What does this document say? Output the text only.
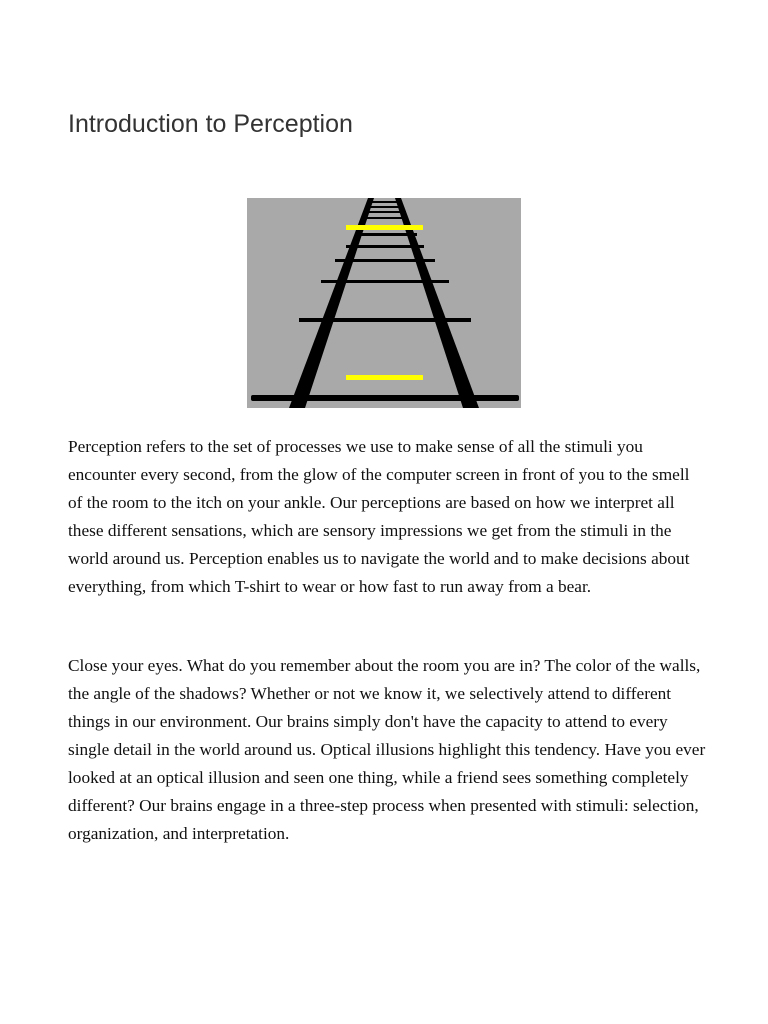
Introduction to Perception

Perception refers to the set of processes we use to make sense of all the stimuli you encounter every second, from the glow of the computer screen in front of you to the smell of the room to the itch on your ankle. Our perceptions are based on how we interpret all these different sensations, which are sensory impressions we get from the stimuli in the world around us. Perception enables us to navigate the world and to make decisions about everything, from which T-shirt to wear or how fast to run away from a bear.

Close your eyes. What do you remember about the room you are in? The color of the walls, the angle of the shadows? Whether or not we know it, we selectively attend to different things in our environment. Our brains simply don't have the capacity to attend to every single detail in the world around us. Optical illusions highlight this tendency. Have you ever looked at an optical illusion and seen one thing, while a friend sees something completely different? Our brains engage in a three-step process when presented with stimuli: selection, organization, and interpretation.
